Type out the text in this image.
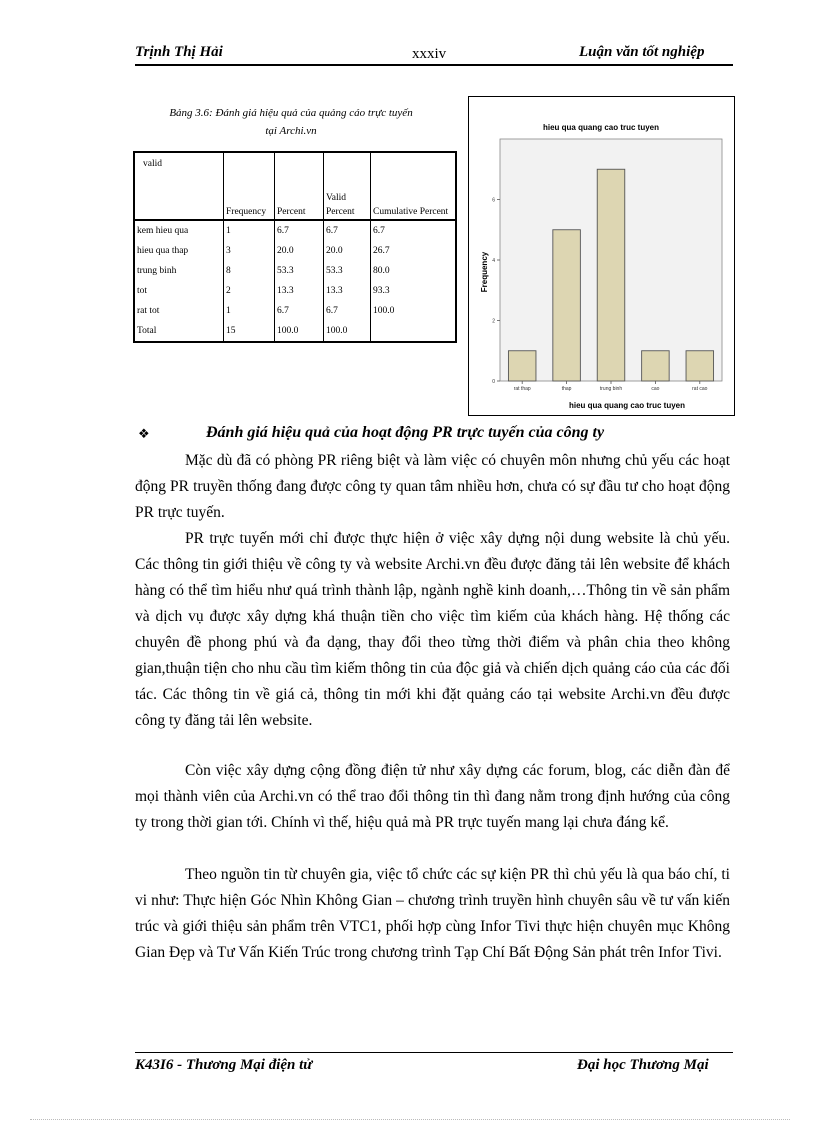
Trịnh Thị Hải	xxxiv	Luận văn tốt nghiệp
Bảng 3.6: Đánh giá hiệu quả của quảng cáo trực tuyến
tại Archi.vn
valid	Frequency	Percent	Valid Percent	Cumulative Percent
kem hieu qua	1	6.7	6.7	6.7
hieu qua thap	3	20.0	20.0	26.7
trung binh	8	53.3	53.3	80.0
tot	2	13.3	13.3	93.3
rat tot	1	6.7	6.7	100.0
Total	15	100.0	100.0	
hieu qua quang cao truc tuyen
Frequency
hieu qua quang cao truc tuyen
0
2
4
6
rat thap	thap	trung binh	cao	rat cao
❖	Đánh giá hiệu quả của hoạt động PR trực tuyến của công ty
Mặc dù đã có phòng PR riêng biệt và làm việc có chuyên môn nhưng chủ yếu các hoạt động PR truyền thống đang được công ty quan tâm nhiều hơn, chưa có sự đầu tư cho hoạt động PR trực tuyến.
PR trực tuyến mới chỉ được thực hiện ở việc xây dựng nội dung website là chủ yếu. Các thông tin giới thiệu về công ty và website Archi.vn đều được đăng tải lên website để khách hàng có thể tìm hiểu như quá trình thành lập, ngành nghề kinh doanh,…Thông tin về sản phẩm và dịch vụ được xây dựng khá thuận tiền cho việc tìm kiếm của khách hàng. Hệ thống các chuyên đề phong phú và đa dạng, thay đổi theo từng thời điểm và phân chia theo không gian,thuận tiện cho nhu cầu tìm kiếm thông tin của độc giả và chiến dịch quảng cáo của các đối tác. Các thông tin về giá cả, thông tin mới khi đặt quảng cáo tại website Archi.vn đều được công ty đăng tải lên website.
Còn việc xây dựng cộng đồng điện tử như xây dựng các forum, blog, các diễn đàn để mọi thành viên của Archi.vn có thể trao đổi thông tin thì đang nằm trong định hướng của công ty trong thời gian tới. Chính vì thế, hiệu quả mà PR trực tuyến mang lại chưa đáng kể.
Theo nguồn tin từ chuyên gia, việc tổ chức các sự kiện PR thì chủ yếu là qua báo chí, ti vi như: Thực hiện Góc Nhìn Không Gian – chương trình truyền hình chuyên sâu về tư vấn kiến trúc và giới thiệu sản phẩm trên VTC1, phối hợp cùng Infor Tivi thực hiện chuyên mục Không Gian Đẹp và Tư Vấn Kiến Trúc trong chương trình Tạp Chí Bất Động Sản phát trên Infor Tivi.
K43I6 - Thương Mại điện tử	Đại học Thương Mại
